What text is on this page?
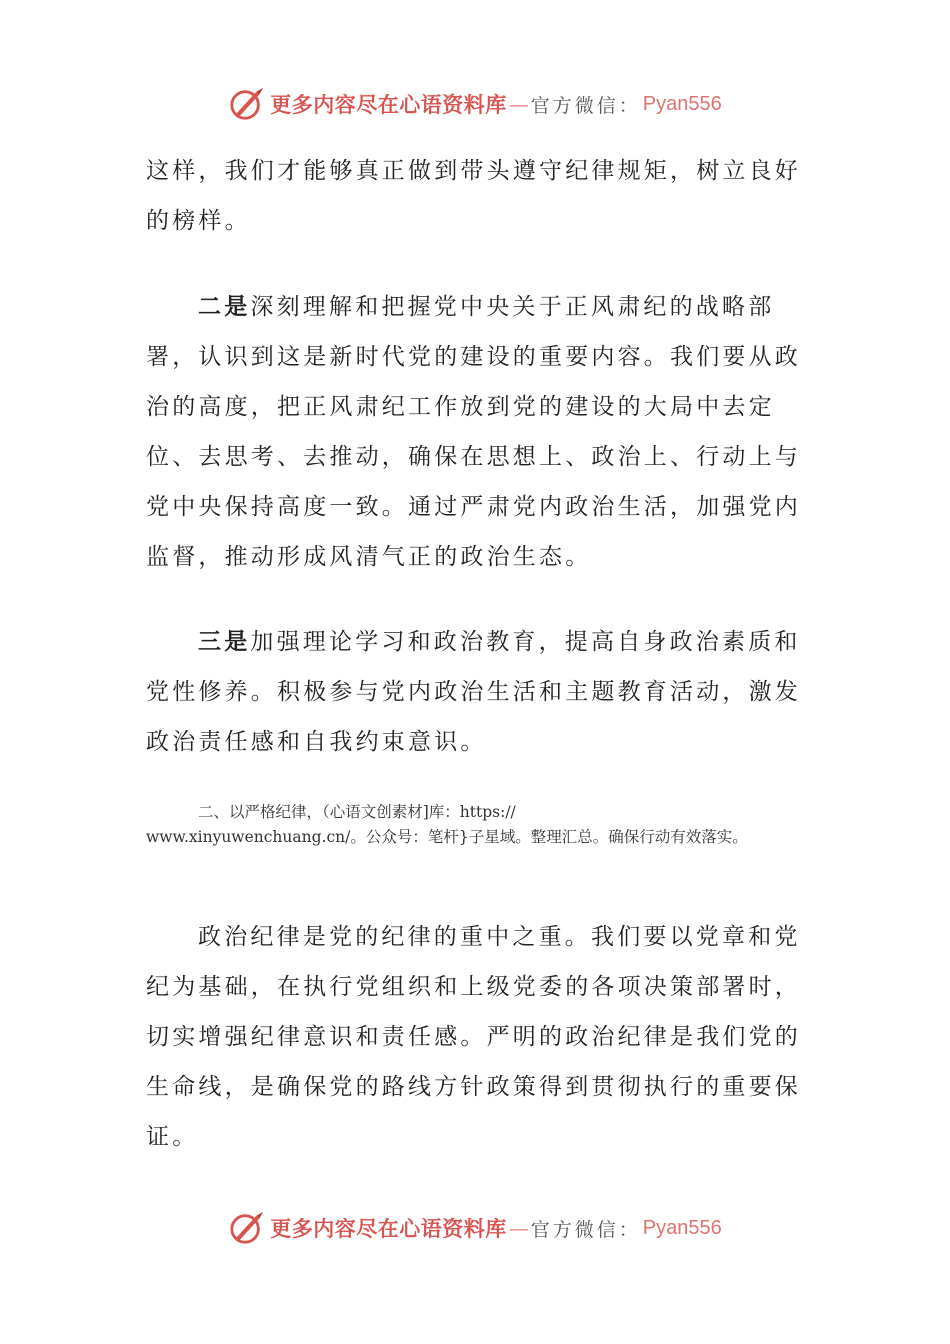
更多内容尽在心语资料库 — 官方微信： Pyan556

这样，我们才能够真正做到带头遵守纪律规矩，树立良好的榜样。

二是深刻理解和把握党中央关于正风肃纪的战略部署，认识到这是新时代党的建设的重要内容。我们要从政治的高度，把正风肃纪工作放到党的建设的大局中去定位、去思考、去推动，确保在思想上、政治上、行动上与党中央保持高度一致。通过严肃党内政治生活，加强党内监督，推动形成风清气正的政治生态。

三是加强理论学习和政治教育，提高自身政治素质和党性修养。积极参与党内政治生活和主题教育活动，激发政治责任感和自我约束意识。

二、以严格纪律，（心语文创素材]库：https://
www.xinyuwenchuang.cn/。公众号：笔杆}子星域。整理汇总。确保行动有效落实。

政治纪律是党的纪律的重中之重。我们要以党章和党纪为基础，在执行党组织和上级党委的各项决策部署时，切实增强纪律意识和责任感。严明的政治纪律是我们党的生命线，是确保党的路线方针政策得到贯彻执行的重要保证。

更多内容尽在心语资料库 — 官方微信： Pyan556
